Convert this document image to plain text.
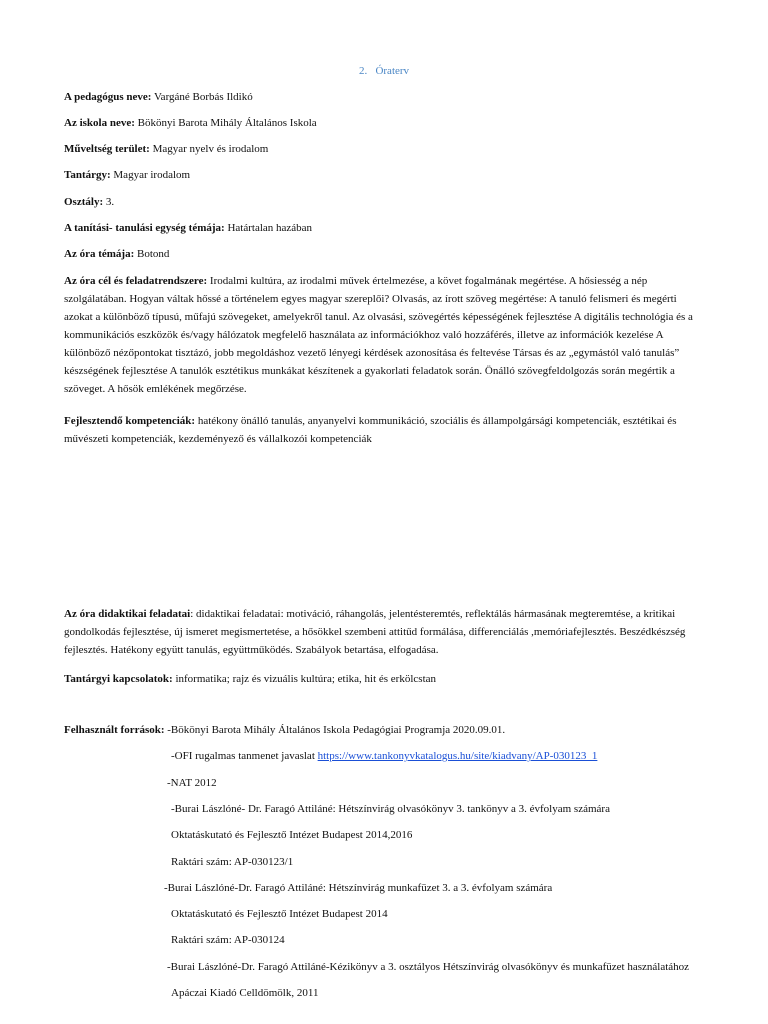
2.   Óraterv
A pedagógus neve: Vargáné Borbás Ildikó
Az iskola neve: Bökönyi Barota Mihály Általános Iskola
Műveltség terület: Magyar nyelv és irodalom
Tantárgy: Magyar irodalom
Osztály: 3.
A tanítási- tanulási egység témája: Határtalan hazában
Az óra témája: Botond
Az óra cél és feladatrendszere: Irodalmi kultúra, az irodalmi művek értelmezése, a követ fogalmának megértése. A hősiesség a nép
szolgálatában. Hogyan váltak hőssé a történelem egyes magyar szereplői? Olvasás, az írott szöveg megértése: A tanuló felismeri és megérti
azokat a különböző típusú, műfajú szövegeket, amelyekről tanul. Az olvasási, szövegértés képességének fejlesztése A digitális technológia és a
kommunikációs eszközök és/vagy hálózatok megfelelő használata az információkhoz való hozzáférés, illetve az információk kezelése A
különböző nézőpontokat tisztázó, jobb megoldáshoz vezető lényegi kérdések azonosítása és feltevése Társas és az „egymástól való tanulás”
készségének fejlesztése A tanulók esztétikus munkákat készítenek a gyakorlati feladatok során. Önálló szövegfeldolgozás során megértik a
szöveget. A hősök emlékének megőrzése.
Fejlesztendő kompetenciák: hatékony önálló tanulás, anyanyelvi kommunikáció, szociális és állampolgársági kompetenciák, esztétikai és
művészeti kompetenciák, kezdeményező és vállalkozói kompetenciák
Az óra didaktikai feladatai: didaktikai feladatai: motiváció, ráhangolás, jelentésteremtés, reflektálás hármasának megteremtése, a kritikai
gondolkodás fejlesztése, új ismeret megismertetése, a hősökkel szembeni attitűd formálása, differenciálás ,memóriafejlesztés. Beszédkészség
fejlesztés. Hatékony együtt tanulás, együttműködés. Szabályok betartása, elfogadása.
Tantárgyi kapcsolatok: informatika; rajz és vizuális kultúra; etika, hit és erkölcstan
Felhasznált források: -Bökönyi Barota Mihály Általános Iskola Pedagógiai Programja 2020.09.01.
-OFI rugalmas tanmenet javaslat https://www.tankonyvkatalogus.hu/site/kiadvany/AP-030123_1
-NAT 2012
-Burai Lászlóné- Dr. Faragó Attiláné: Hétszínvirág olvasókönyv 3. tankönyv a 3. évfolyam számára
Oktatáskutató és Fejlesztő Intézet Budapest 2014,2016
Raktári szám: AP-030123/1
-Burai Lászlóné-Dr. Faragó Attiláné: Hétszínvirág munkafüzet 3. a 3. évfolyam számára
Oktatáskutató és Fejlesztő Intézet Budapest 2014
Raktári szám: AP-030124
-Burai Lászlóné-Dr. Faragó Attiláné-Kézikönyv a 3. osztályos Hétszínvirág olvasókönyv és munkafüzet használatához
Apáczai Kiadó Celldömölk, 2011
